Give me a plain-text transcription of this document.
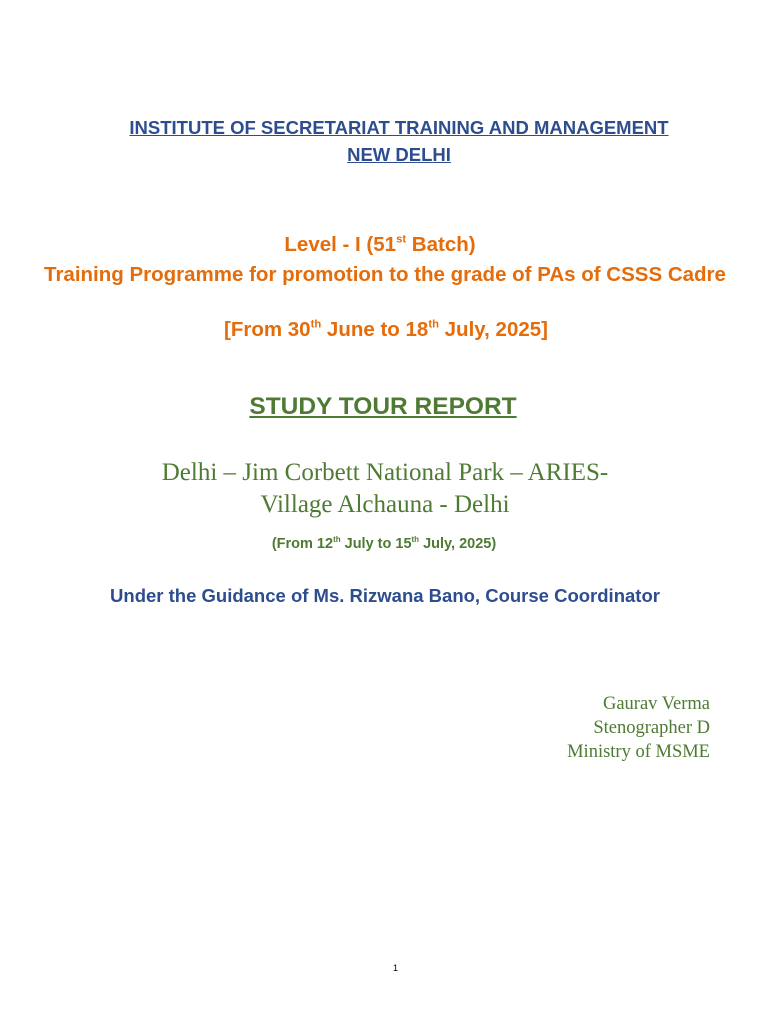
INSTITUTE OF SECRETARIAT TRAINING AND MANAGEMENT
NEW DELHI
Level - I (51st Batch)
Training Programme for promotion to the grade of PAs of CSSS Cadre
[From 30th June to 18th July, 2025]
STUDY TOUR REPORT
Delhi – Jim Corbett National Park – ARIES-
Village Alchauna - Delhi
(From 12th July to 15th July, 2025)
Under the Guidance of Ms. Rizwana Bano, Course Coordinator
Gaurav Verma
Stenographer D
Ministry of MSME
1
